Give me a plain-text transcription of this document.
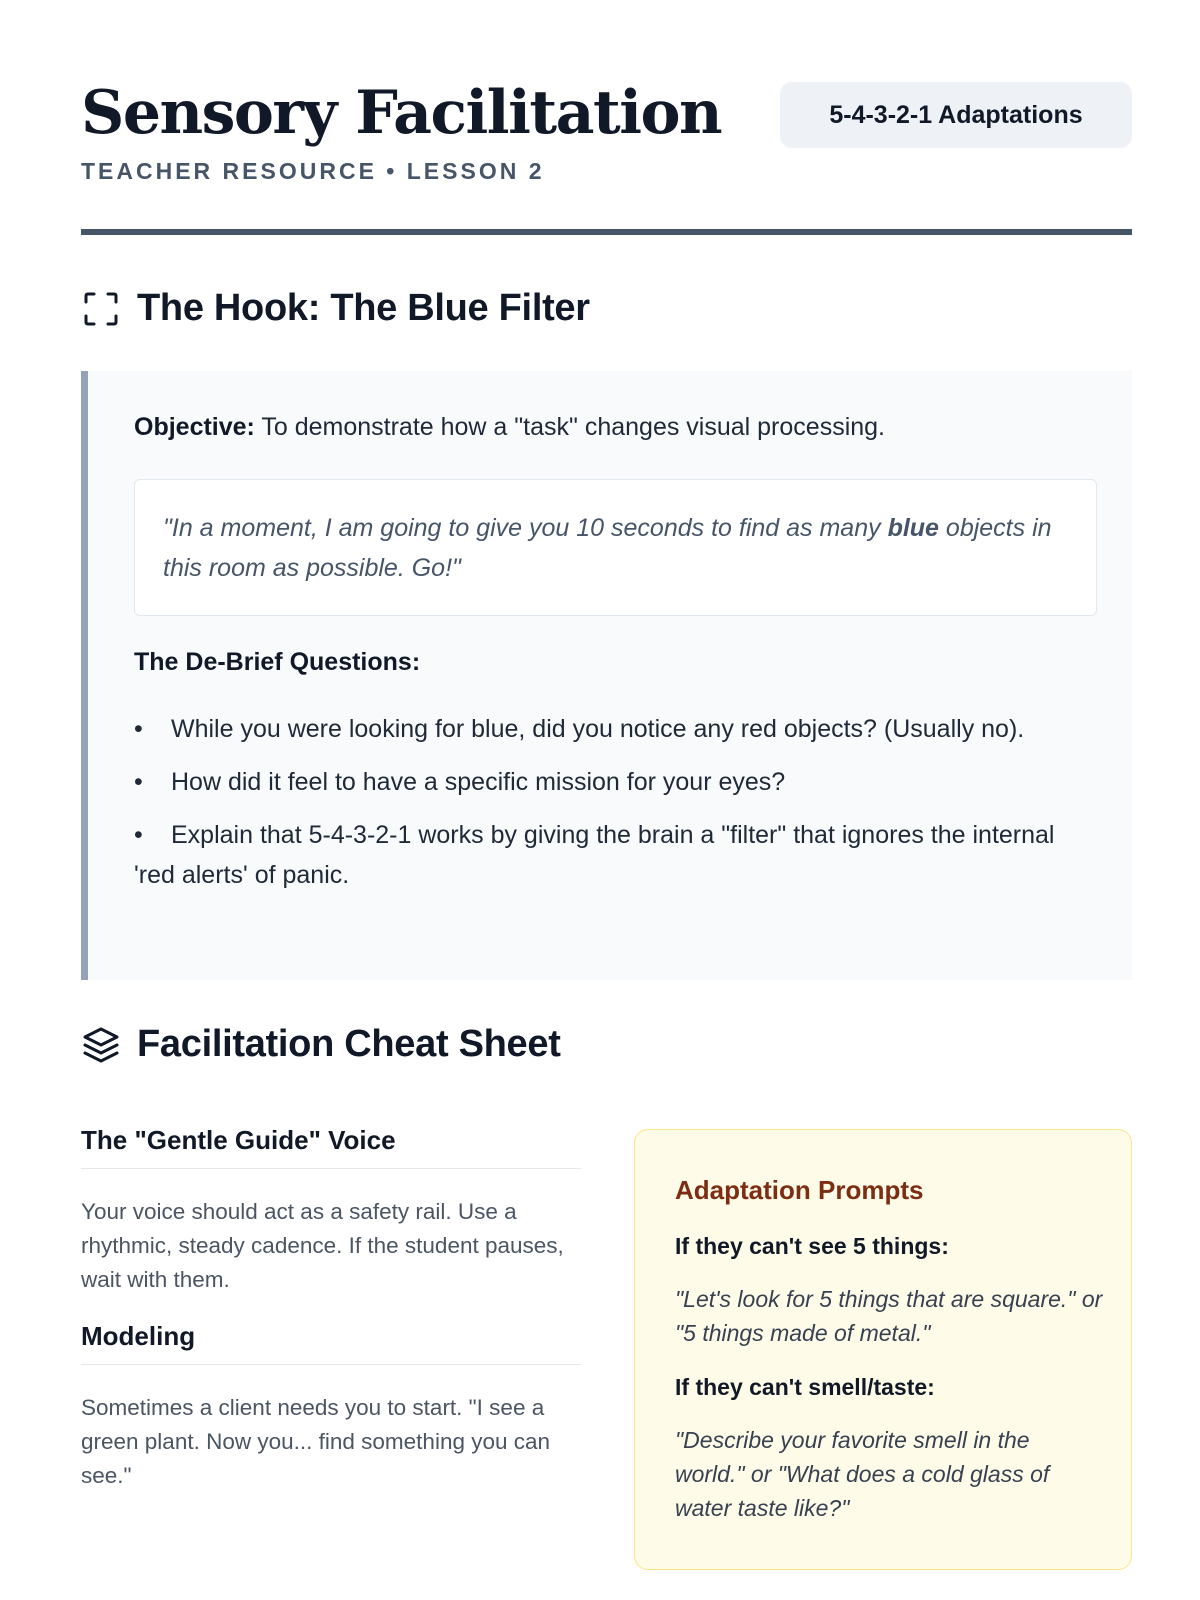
Sensory Facilitation
TEACHER RESOURCE • LESSON 2
5-4-3-2-1 Adaptations
The Hook: The Blue Filter
Objective: To demonstrate how a "task" changes visual processing.
"In a moment, I am going to give you 10 seconds to find as many blue objects in this room as possible. Go!"
The De-Brief Questions:
• While you were looking for blue, did you notice any red objects? (Usually no).
• How did it feel to have a specific mission for your eyes?
• Explain that 5-4-3-2-1 works by giving the brain a "filter" that ignores the internal 'red alerts' of panic.
Facilitation Cheat Sheet
The "Gentle Guide" Voice

Your voice should act as a safety rail. Use a rhythmic, steady cadence. If the student pauses, wait with them.

Modeling

Sometimes a client needs you to start. "I see a green plant. Now you... find something you can see."

Adaptation Prompts
If they can't see 5 things:
"Let's look for 5 things that are square." or "5 things made of metal."
If they can't smell/taste:
"Describe your favorite smell in the world." or "What does a cold glass of water taste like?"
